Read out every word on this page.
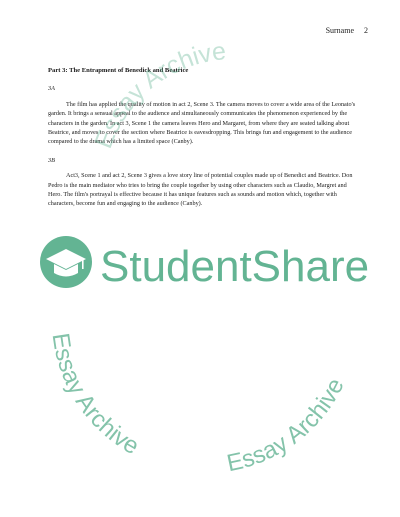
Surname 2

Part 3: The Entrapment of Benedick and Beatrice

3A

The film has applied the quality of motion in act 2, Scene 3. The camera moves to cover a wide area of the Leonato's garden. It brings a sensual appeal to the audience and simultaneously communicates the phenomenon experienced by the characters in the garden. In act 3, Scene 1 the camera leaves Hero and Margaret, from where they are seated talking about Beatrice, and moves to cover the section where Beatrice is eavesdropping. This brings fun and engagement to the audience compared to the drama which has a limited space (Canby).

3B

Act3, Scene 1 and act 2, Scene 3 gives a love story line of potential couples made up of Benedict and Beatrice. Don Pedro is the main mediator who tries to bring the couple together by using other characters such as Claudio, Margret and Hero. The film's portrayal is effective because it has unique features such as sounds and motion which, together with characters, become fun and engaging to the audience (Canby).

Essay Archive
StudentShare
Essay Archive
Essay Archive
